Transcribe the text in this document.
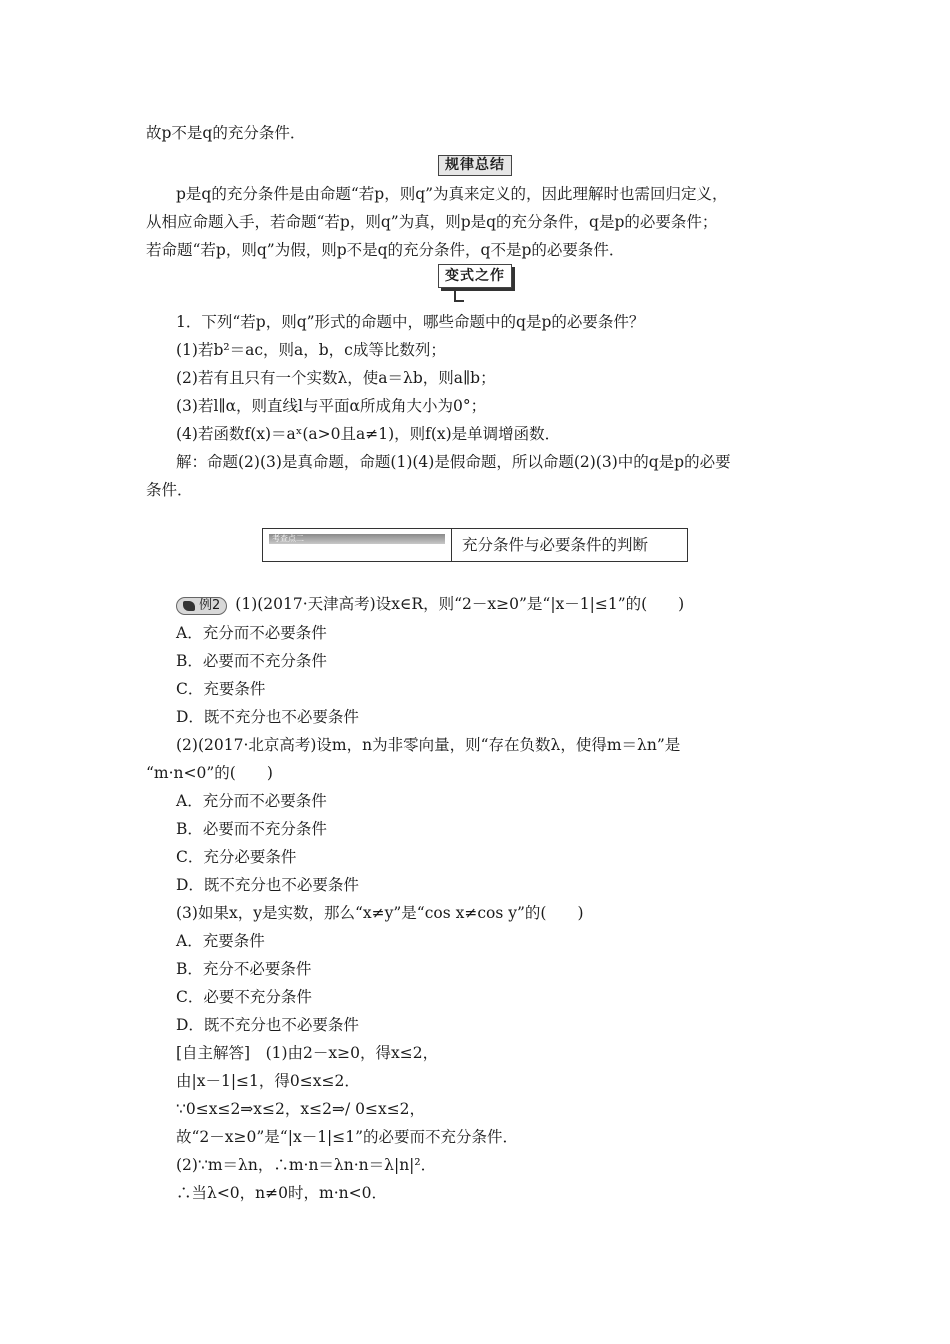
故p不是q的充分条件．
规律总结
p是q的充分条件是由命题“若p，则q”为真来定义的，因此理解时也需回归定义，
从相应命题入手，若命题“若p，则q”为真，则p是q的充分条件，q是p的必要条件；
若命题“若p，则q”为假，则p不是q的充分条件，q不是p的必要条件．
变式之作
1．下列“若p，则q”形式的命题中，哪些命题中的q是p的必要条件？
(1)若b²＝ac，则a，b，c成等比数列；
(2)若有且只有一个实数λ，使a＝λb，则a∥b；
(3)若l∥α，则直线l与平面α所成角大小为0°；
(4)若函数f(x)＝aˣ(a>0且a≠1)，则f(x)是单调增函数．
解：命题(2)(3)是真命题，命题(1)(4)是假命题，所以命题(2)(3)中的q是p的必要
条件．
考查点二	充分条件与必要条件的判断
例2 (1)(2017·天津高考)设x∈R，则“2－x≥0”是“|x－1|≤1”的(　　)
A．充分而不必要条件
B．必要而不充分条件
C．充要条件
D．既不充分也不必要条件
(2)(2017·北京高考)设m，n为非零向量，则“存在负数λ，使得m＝λn”是
“m·n<0”的(　　)
A．充分而不必要条件
B．必要而不充分条件
C．充分必要条件
D．既不充分也不必要条件
(3)如果x，y是实数，那么“x≠y”是“cos x≠cos y”的(　　)
A．充要条件
B．充分不必要条件
C．必要不充分条件
D．既不充分也不必要条件
[自主解答]　(1)由2－x≥0，得x≤2，
由|x－1|≤1，得0≤x≤2．
∵0≤x≤2⇒x≤2，x≤2⇒/ 0≤x≤2，
故“2－x≥0”是“|x－1|≤1”的必要而不充分条件．
(2)∵m＝λn，∴m·n＝λn·n＝λ|n|²．
∴当λ<0，n≠0时，m·n<0．
